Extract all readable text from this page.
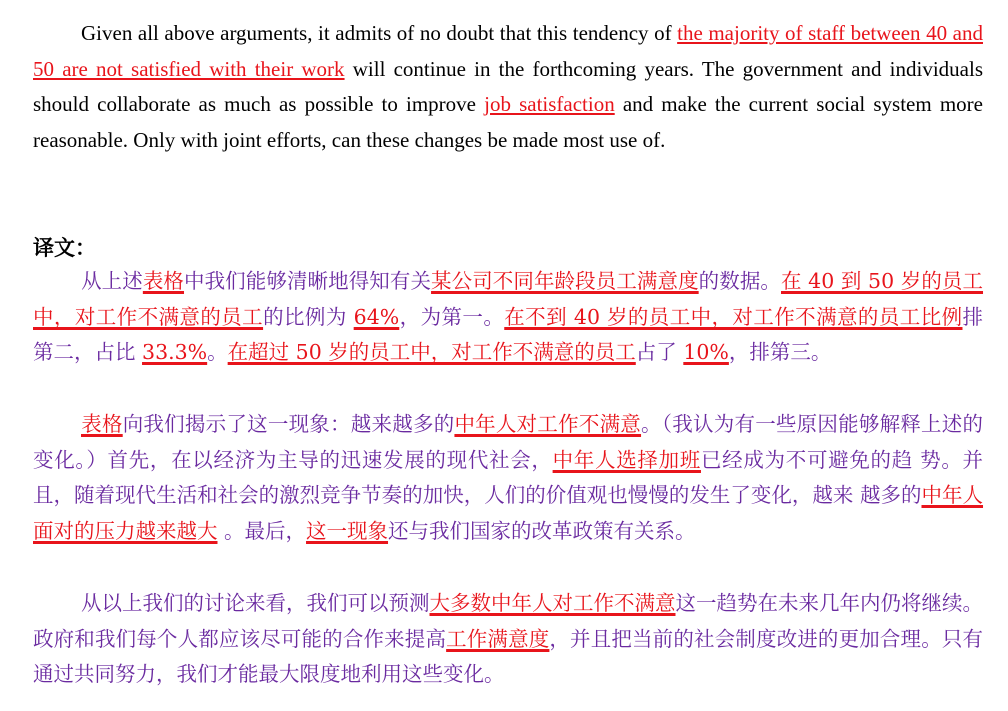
Given all above arguments, it admits of no doubt that this tendency of the majority of staff between 40 and 50 are not satisfied with their work will continue in the forthcoming years. The government and individuals should collaborate as much as possible to improve job satisfaction and make the current social system more reasonable. Only with joint efforts, can these changes be made most use of.
译文：
从上述表格中我们能够清晰地得知有关某公司不同年龄段员工满意度的数据。在 40 到 50 岁的员工中，对工作不满意的员工的比例为 64%，为第一。在不到 40 岁的员工中，对工作不满意的员工比例排第二，占比 33.3%。在超过 50 岁的员工中，对工作不满意的员工占了 10%，排第三。
表格向我们揭示了这一现象：越来越多的中年人对工作不满意。（我认为有一些原因能够解释上述的变化。）首先，在以经济为主导的迅速发展的现代社会，中年人选择加班已经成为不可避免的趋 势。并且，随着现代生活和社会的激烈竞争节奏的加快，人们的价值观也慢慢的发生了变化，越来 越多的中年人面对的压力越来越大 。最后，这一现象还与我们国家的改革政策有关系。
从以上我们的讨论来看，我们可以预测大多数中年人对工作不满意这一趋势在未来几年内仍将继续。政府和我们每个人都应该尽可能的合作来提高工作满意度，并且把当前的社会制度改进的更加合理。只有通过共同努力，我们才能最大限度地利用这些变化。
